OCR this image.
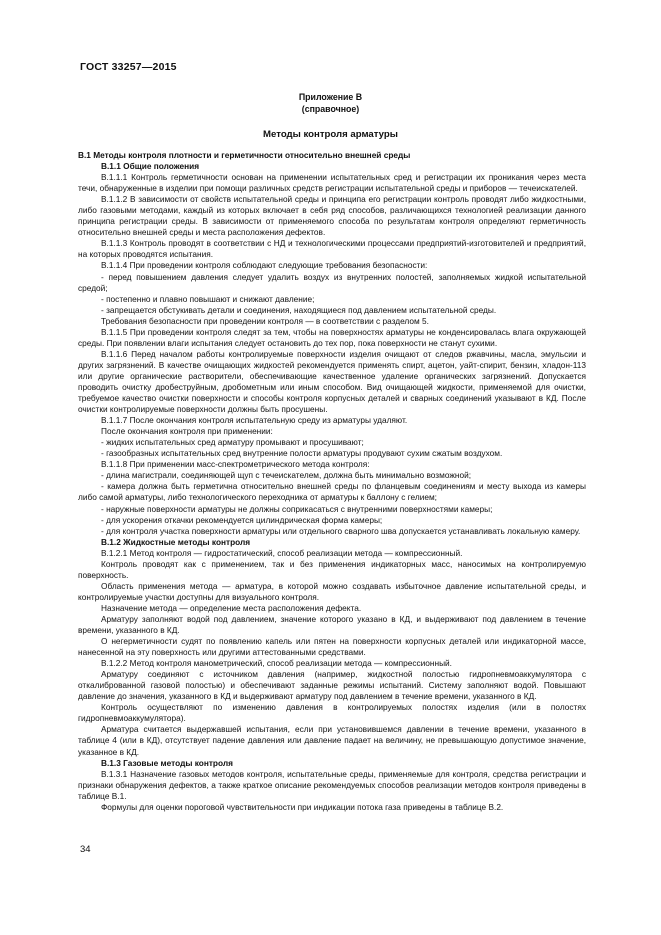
ГОСТ 33257—2015
Приложение В
(справочное)
Методы контроля арматуры

В.1 Методы контроля плотности и герметичности относительно внешней среды

В.1.1 Общие положения

В.1.1.1 Контроль герметичности основан на применении испытательных сред и регистрации их проникания через места течи, обнаруженные в изделии при помощи различных средств регистрации испытательной среды и приборов — течеискателей.

В.1.1.2 В зависимости от свойств испытательной среды и принципа его регистрации контроль проводят либо жидкостными, либо газовыми методами, каждый из которых включает в себя ряд способов, различающихся технологией реализации данного принципа регистрации среды. В зависимости от применяемого способа по результатам контроля определяют герметичность относительно внешней среды и места расположения дефектов.

В.1.1.3 Контроль проводят в соответствии с НД и технологическими процессами предприятий-изготовителей и предприятий, на которых проводятся испытания.

В.1.1.4 При проведении контроля соблюдают следующие требования безопасности:

- перед повышением давления следует удалить воздух из внутренних полостей, заполняемых жидкой испытательной средой;

- постепенно и плавно повышают и снижают давление;

- запрещается обстукивать детали и соединения, находящиеся под давлением испытательной среды.

Требования безопасности при проведении контроля — в соответствии с разделом 5.

В.1.1.5 При проведении контроля следят за тем, чтобы на поверхностях арматуры не конденсировалась влага окружающей среды. При появлении влаги испытания следует остановить до тех пор, пока поверхности не станут сухими.

В.1.1.6 Перед началом работы контролируемые поверхности изделия очищают от следов ржавчины, масла, эмульсии и других загрязнений. В качестве очищающих жидкостей рекомендуется применять спирт, ацетон, уайт-спирит, бензин, хладон-113 или другие органические растворители, обеспечивающие качественное удаление органических загрязнений. Допускается проводить очистку дробеструйным, дробометным или иным способом. Вид очищающей жидкости, применяемой для очистки, требуемое качество очистки поверхности и способы контроля корпусных деталей и сварных соединений указывают в КД. После очистки контролируемые поверхности должны быть просушены.

В.1.1.7 После окончания контроля испытательную среду из арматуры удаляют.

После окончания контроля при применении:

- жидких испытательных сред арматуру промывают и просушивают;

- газообразных испытательных сред внутренние полости арматуры продувают сухим сжатым воздухом.

В.1.1.8 При применении масс-спектрометрического метода контроля:

- длина магистрали, соединяющей щуп с течеискателем, должна быть минимально возможной;

- камера должна быть герметична относительно внешней среды по фланцевым соединениям и месту выхода из камеры либо самой арматуры, либо технологического переходника от арматуры к баллону с гелием;

- наружные поверхности арматуры не должны соприкасаться с внутренними поверхностями камеры;

- для ускорения откачки рекомендуется цилиндрическая форма камеры;

- для контроля участка поверхности арматуры или отдельного сварного шва допускается устанавливать локальную камеру.

В.1.2 Жидкостные методы контроля

В.1.2.1 Метод контроля — гидростатический, способ реализации метода — компрессионный.

Контроль проводят как с применением, так и без применения индикаторных масс, наносимых на контролируемую поверхность.

Область применения метода — арматура, в которой можно создавать избыточное давление испытательной среды, и контролируемые участки доступны для визуального контроля.

Назначение метода — определение места расположения дефекта.

Арматуру заполняют водой под давлением, значение которого указано в КД, и выдерживают под давлением в течение времени, указанного в КД.

О негерметичности судят по появлению капель или пятен на поверхности корпусных деталей или индикаторной массе, нанесенной на эту поверхность или другими аттестованными средствами.

В.1.2.2 Метод контроля манометрический, способ реализации метода — компрессионный.

Арматуру соединяют с источником давления (например, жидкостной полостью гидропневмоаккумулятора с откалиброванной газовой полостью) и обеспечивают заданные режимы испытаний. Систему заполняют водой. Повышают давление до значения, указанного в КД и выдерживают арматуру под давлением в течение времени, указанного в КД.

Контроль осуществляют по изменению давления в контролируемых полостях изделия (или в полостях гидропневмоаккумулятора).

Арматура считается выдержавшей испытания, если при установившемся давлении в течение времени, указанного в таблице 4 (или в КД), отсутствует падение давления или давление падает на величину, не превышающую допустимое значение, указанное в КД.

В.1.3 Газовые методы контроля

В.1.3.1 Назначение газовых методов контроля, испытательные среды, применяемые для контроля, средства регистрации и признаки обнаружения дефектов, а также краткое описание рекомендуемых способов реализации методов контроля приведены в таблице В.1.

Формулы для оценки пороговой чувствительности при индикации потока газа приведены в таблице В.2.

34
